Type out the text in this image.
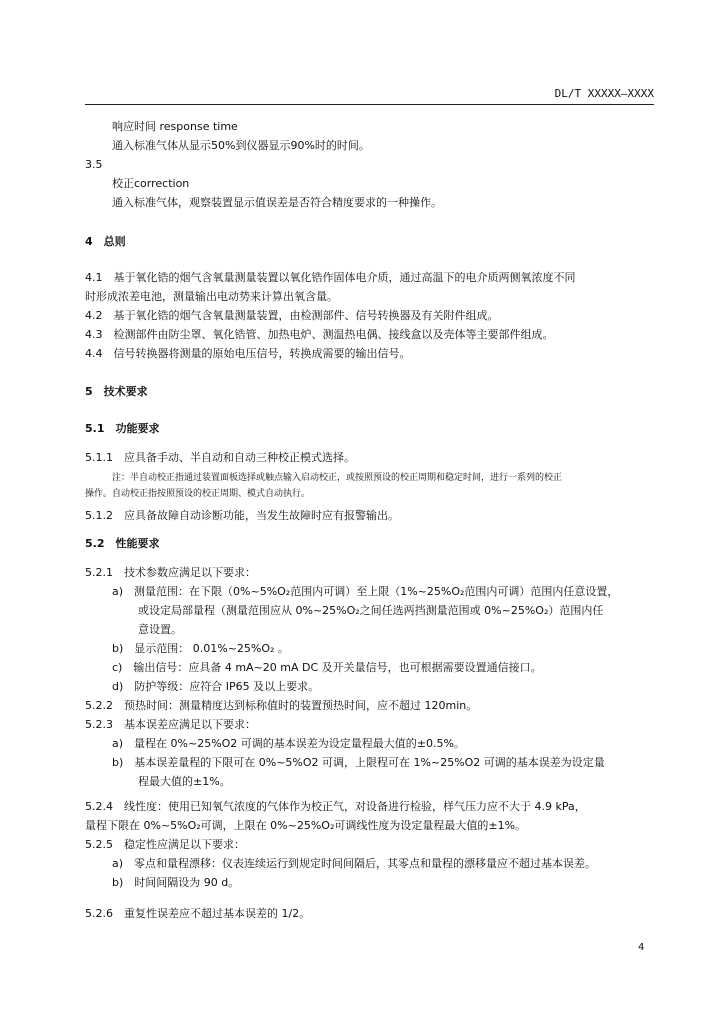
DL/T XXXXX—XXXX
响应时间 response time
通入标准气体从显示50%到仪器显示90%时的时间。
3.5
校正correction
通入标准气体，观察装置显示值误差是否符合精度要求的一种操作。
4　总则
4.1　基于氧化锆的烟气含氧量测量装置以氧化锆作固体电介质，通过高温下的电介质两侧氧浓度不同
时形成浓差电池，测量输出电动势来计算出氧含量。
4.2　基于氧化锆的烟气含氧量测量装置，由检测部件、信号转换器及有关附件组成。
4.3　检测部件由防尘罩、氧化锆管、加热电炉、测温热电偶、接线盒以及壳体等主要部件组成。
4.4　信号转换器将测量的原始电压信号，转换成需要的输出信号。
5　技术要求
5.1　功能要求
5.1.1　应具备手动、半自动和自动三种校正模式选择。
注：半自动校正指通过装置面板选择或触点输入启动校正，或按照预设的校正周期和稳定时间，进行一系列的校正
操作。自动校正指按照预设的校正周期、模式自动执行。
5.1.2　应具备故障自动诊断功能，当发生故障时应有报警输出。
5.2　性能要求
5.2.1　技术参数应满足以下要求：
a)　测量范围：在下限（0%~5%O₂范围内可调）至上限（1%~25%O₂范围内可调）范围内任意设置，
或设定局部量程（测量范围应从 0%~25%O₂之间任选两挡测量范围或 0%~25%O₂）范围内任
意设置。
b)　显示范围： 0.01%~25%O₂ 。
c)　输出信号：应具备 4 mA~20 mA DC 及开关量信号，也可根据需要设置通信接口。
d)　防护等级：应符合 IP65 及以上要求。
5.2.2　预热时间：测量精度达到标称值时的装置预热时间，应不超过 120min。
5.2.3　基本误差应满足以下要求：
a)　量程在 0%~25%O2 可调的基本误差为设定量程最大值的±0.5%。
b)　基本误差量程的下限可在 0%~5%O2 可调，上限程可在 1%~25%O2 可调的基本误差为设定量
程最大值的±1%。
5.2.4　线性度：使用已知氧气浓度的气体作为校正气，对设备进行检验，样气压力应不大于 4.9 kPa，
量程下限在 0%~5%O₂可调，上限在 0%~25%O₂可调线性度为设定量程最大值的±1%。
5.2.5　稳定性应满足以下要求：
a)　零点和量程漂移：仪表连续运行到规定时间间隔后，其零点和量程的漂移量应不超过基本误差。
b)　时间间隔设为 90 d。
5.2.6　重复性误差应不超过基本误差的 1/2。
4
